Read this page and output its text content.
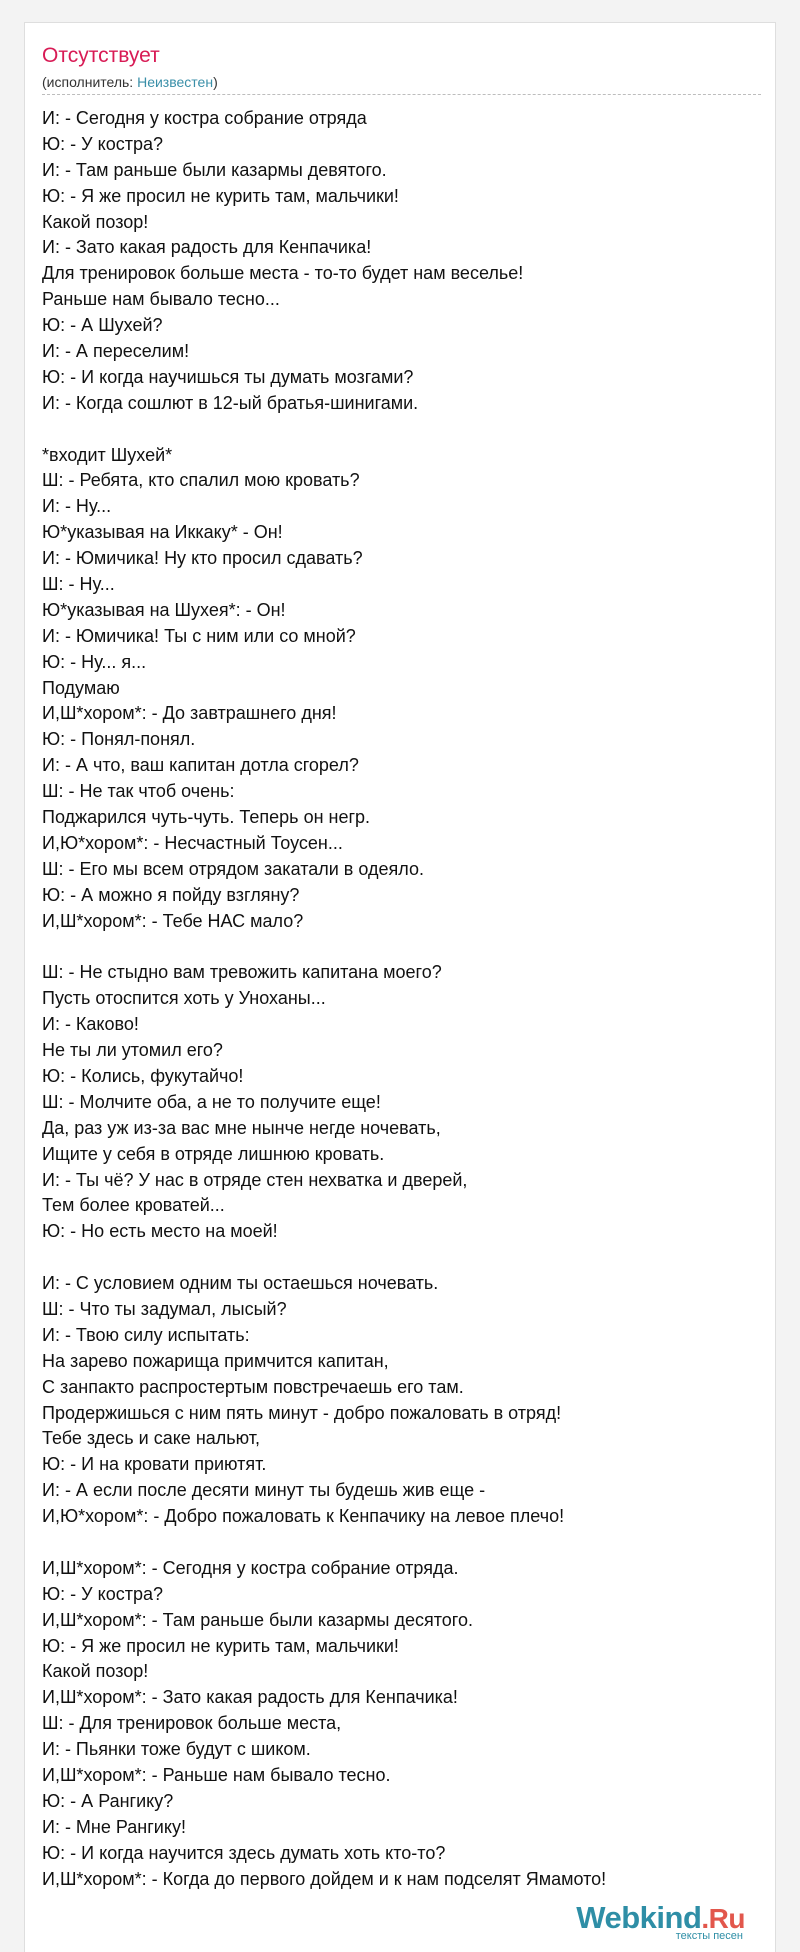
Отсутствует
(исполнитель: Неизвестен)
И: - Сегодня у костра собрание отряда
Ю: - У костра?
И: - Там раньше были казармы девятого.
Ю: - Я же просил не курить там, мальчики!
Какой позор!
И: - Зато какая радость для Кенпачика!
Для тренировок больше места - то-то будет нам веселье!
Раньше нам бывало тесно...
Ю: - А Шухей?
И: - А переселим!
Ю: - И когда научишься ты думать мозгами?
И: - Когда сошлют в 12-ый братья-шинигами.
*входит Шухей*
Ш: - Ребята, кто спалил мою кровать?
И: - Ну...
Ю*указывая на Иккаку* - Он!
И: - Юмичика! Ну кто просил сдавать?
Ш: - Ну...
Ю*указывая на Шухея*: - Он!
И: - Юмичика! Ты с ним или со мной?
Ю: - Ну... я...
Подумаю
И,Ш*хором*: - До завтрашнего дня!
Ю: - Понял-понял.
И: - А что, ваш капитан дотла сгорел?
Ш: - Не так чтоб очень:
Поджарился чуть-чуть. Теперь он негр.
И,Ю*хором*: - Несчастный Тоусен...
Ш: - Его мы всем отрядом закатали в одеяло.
Ю: - А можно я пойду взгляну?
И,Ш*хором*: - Тебе НАС мало?
Ш: - Не стыдно вам тревожить капитана моего?
Пусть отоспится хоть у Уноханы...
И: - Каково!
Не ты ли утомил его?
Ю: - Колись, фукутайчо!
Ш: - Молчите оба, а не то получите еще!
Да, раз уж из-за вас мне нынче негде ночевать,
Ищите у себя в отряде лишнюю кровать.
И: - Ты чё? У нас в отряде стен нехватка и дверей,
Тем более кроватей...
Ю: - Но есть место на моей!
И: - С условием одним ты остаешься ночевать.
Ш: - Что ты задумал, лысый?
И: - Твою силу испытать:
На зарево пожарища примчится капитан,
С занпакто распростертым повстречаешь его там.
Продержишься с ним пять минут - добро пожаловать в отряд!
Тебе здесь и саке нальют,
Ю: - И на кровати приютят.
И: - А если после десяти минут ты будешь жив еще -
И,Ю*хором*: - Добро пожаловать к Кенпачику на левое плечо!
И,Ш*хором*: - Сегодня у костра собрание отряда.
Ю: - У костра?
И,Ш*хором*: - Там раньше были казармы десятого.
Ю: - Я же просил не курить там, мальчики!
Какой позор!
И,Ш*хором*: - Зато какая радость для Кенпачика!
Ш: - Для тренировок больше места,
И: - Пьянки тоже будут с шиком.
И,Ш*хором*: - Раньше нам бывало тесно.
Ю: - А Рангику?
И: - Мне Рангику!
Ю: - И когда научится здесь думать хоть кто-то?
И,Ш*хором*: - Когда до первого дойдем и к нам подселят Ямамото!
Webkind.Ru
тексты песен
